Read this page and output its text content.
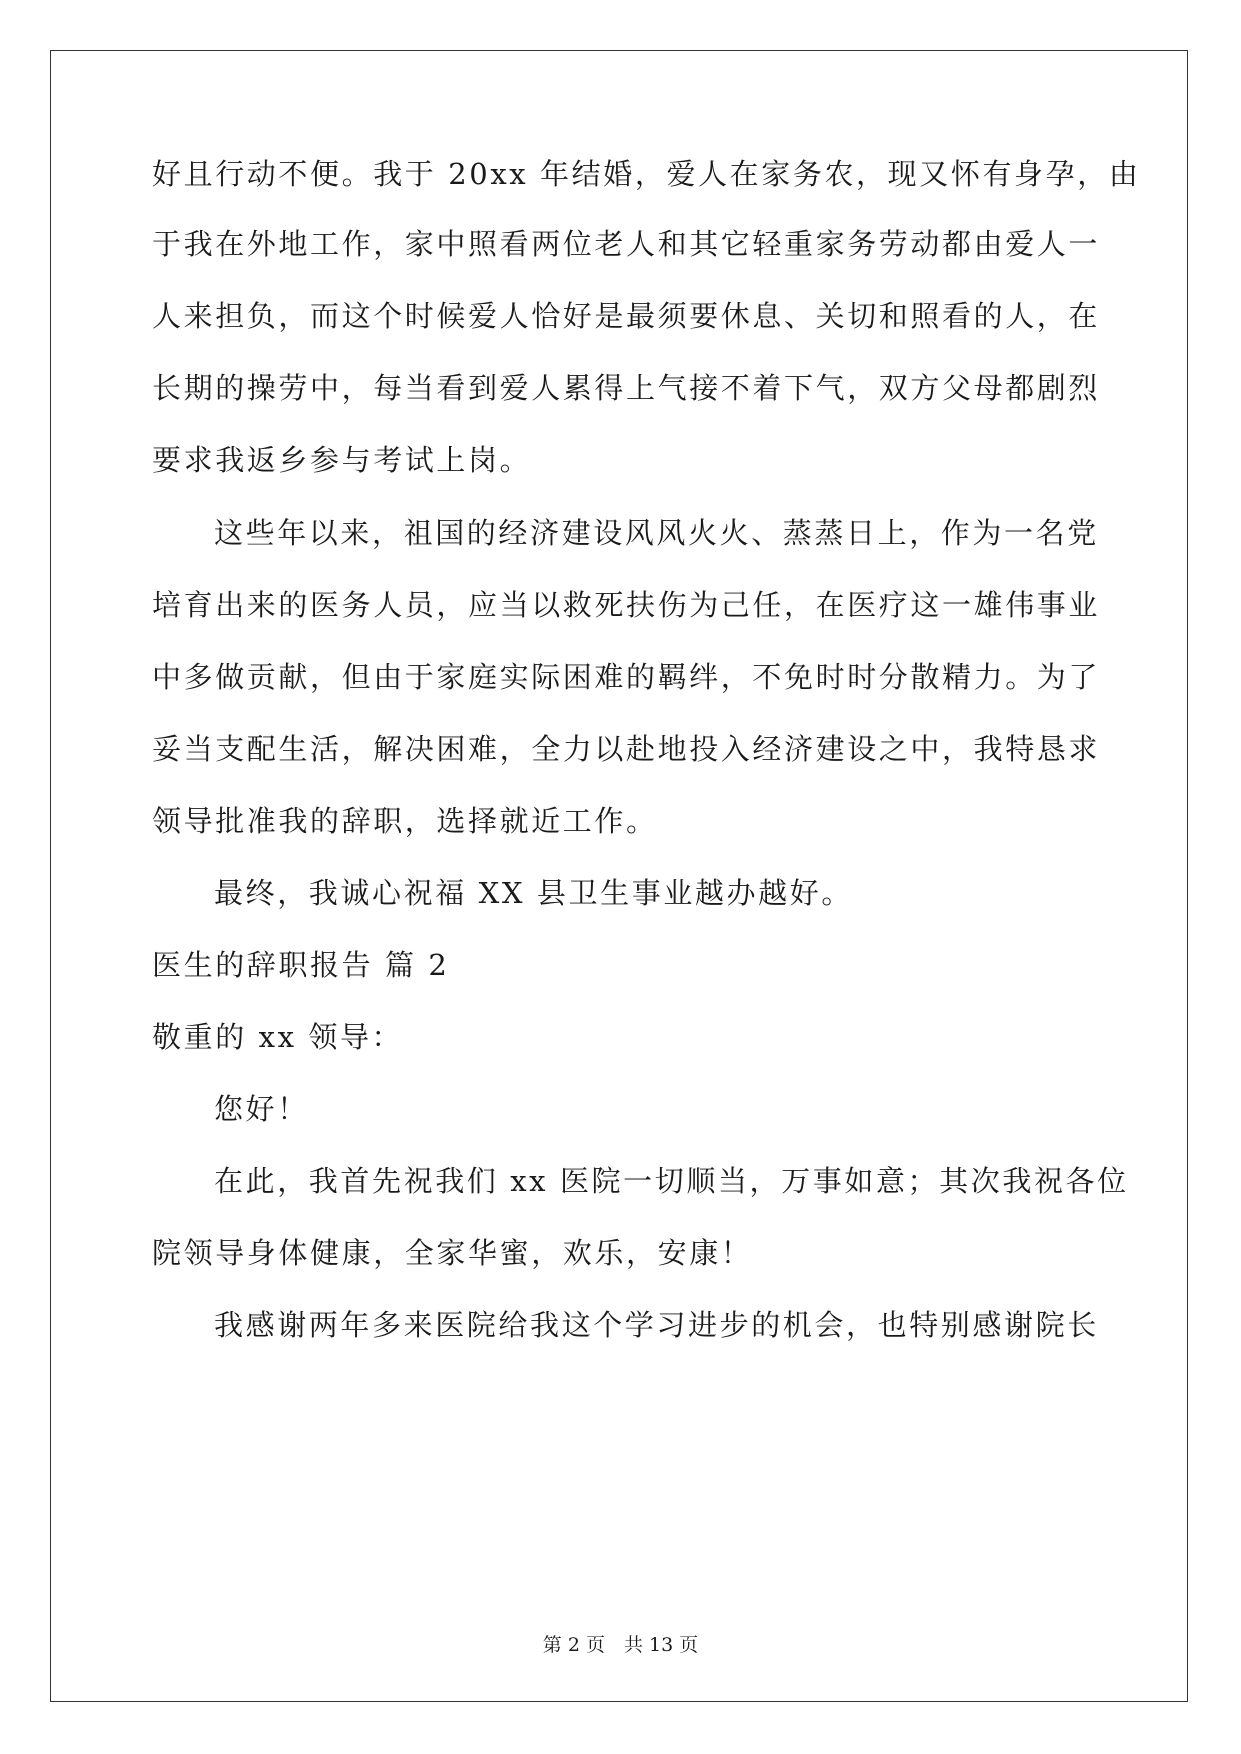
好且行动不便。我于 20xx 年结婚，爱人在家务农，现又怀有身孕，由
于我在外地工作，家中照看两位老人和其它轻重家务劳动都由爱人一
人来担负，而这个时候爱人恰好是最须要休息、关切和照看的人，在
长期的操劳中，每当看到爱人累得上气接不着下气，双方父母都剧烈
要求我返乡参与考试上岗。
这些年以来，祖国的经济建设风风火火、蒸蒸日上，作为一名党
培育出来的医务人员，应当以救死扶伤为己任，在医疗这一雄伟事业
中多做贡献，但由于家庭实际困难的羁绊，不免时时分散精力。为了
妥当支配生活，解决困难，全力以赴地投入经济建设之中，我特恳求
领导批准我的辞职，选择就近工作。
最终，我诚心祝福 XX 县卫生事业越办越好。
医生的辞职报告 篇 2
敬重的 xx 领导：
您好！
在此，我首先祝我们 xx 医院一切顺当，万事如意；其次我祝各位
院领导身体健康，全家华蜜，欢乐，安康！
我感谢两年多来医院给我这个学习进步的机会，也特别感谢院长
第 2 页　共 13 页
